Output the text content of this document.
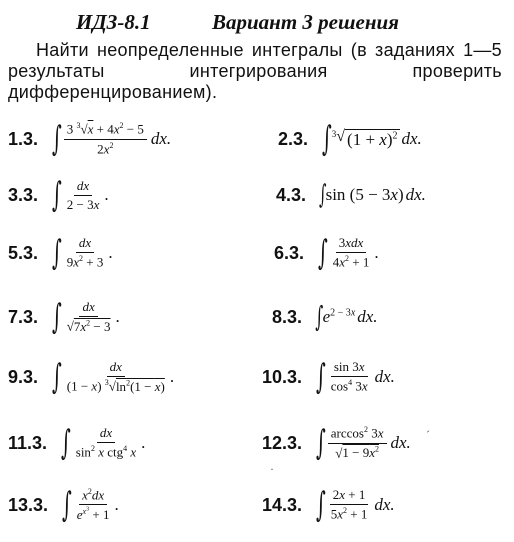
ИДЗ-8.1	Вариант 3 решения

Найти неопределенные интегралы (в заданиях 1—5 результаты интегрирования проверить дифференцированием).

1.3. ∫ $\frac{3 ^3√x + 4x^2 - 5}{2x^2}$ dx.	2.3. ∫ 3 √ $(1 + x)^2$ dx.
3.3. ∫ $\frac{dx}{2 - 3x}$ .	4.3. ∫ sin (5 − 3x) dx.
5.3. ∫ $\frac{dx}{9x^2 + 3}$ .	6.3. ∫ $\frac{\text{3xdx}}{4x^2 + 1}$ .
7.3. ∫ $\frac{dx}{√7x^2 - 3}$ .	8.3. ∫ $e^{2 - 3x}$ dx.
9.3. ∫ $\frac{dx}{(1 - x) ^3√\ln^2(1 - x)}$ .	10.3. ∫ $\frac{\sin 3x}{\cos^4 3x}$ dx.
11.3. ∫ $\frac{dx}{\sin^2 x ctg^4 x}$ .	12.3. ∫ $\frac{\arccos^2 3x}{√1 - 9x^2}$ dx.
13.3. ∫ $\frac{x^2dx}{e^{x^3} + 1}$ .	14.3. ∫ $\frac{2x + 1}{5x^2 + 1}$ dx.
´
·
